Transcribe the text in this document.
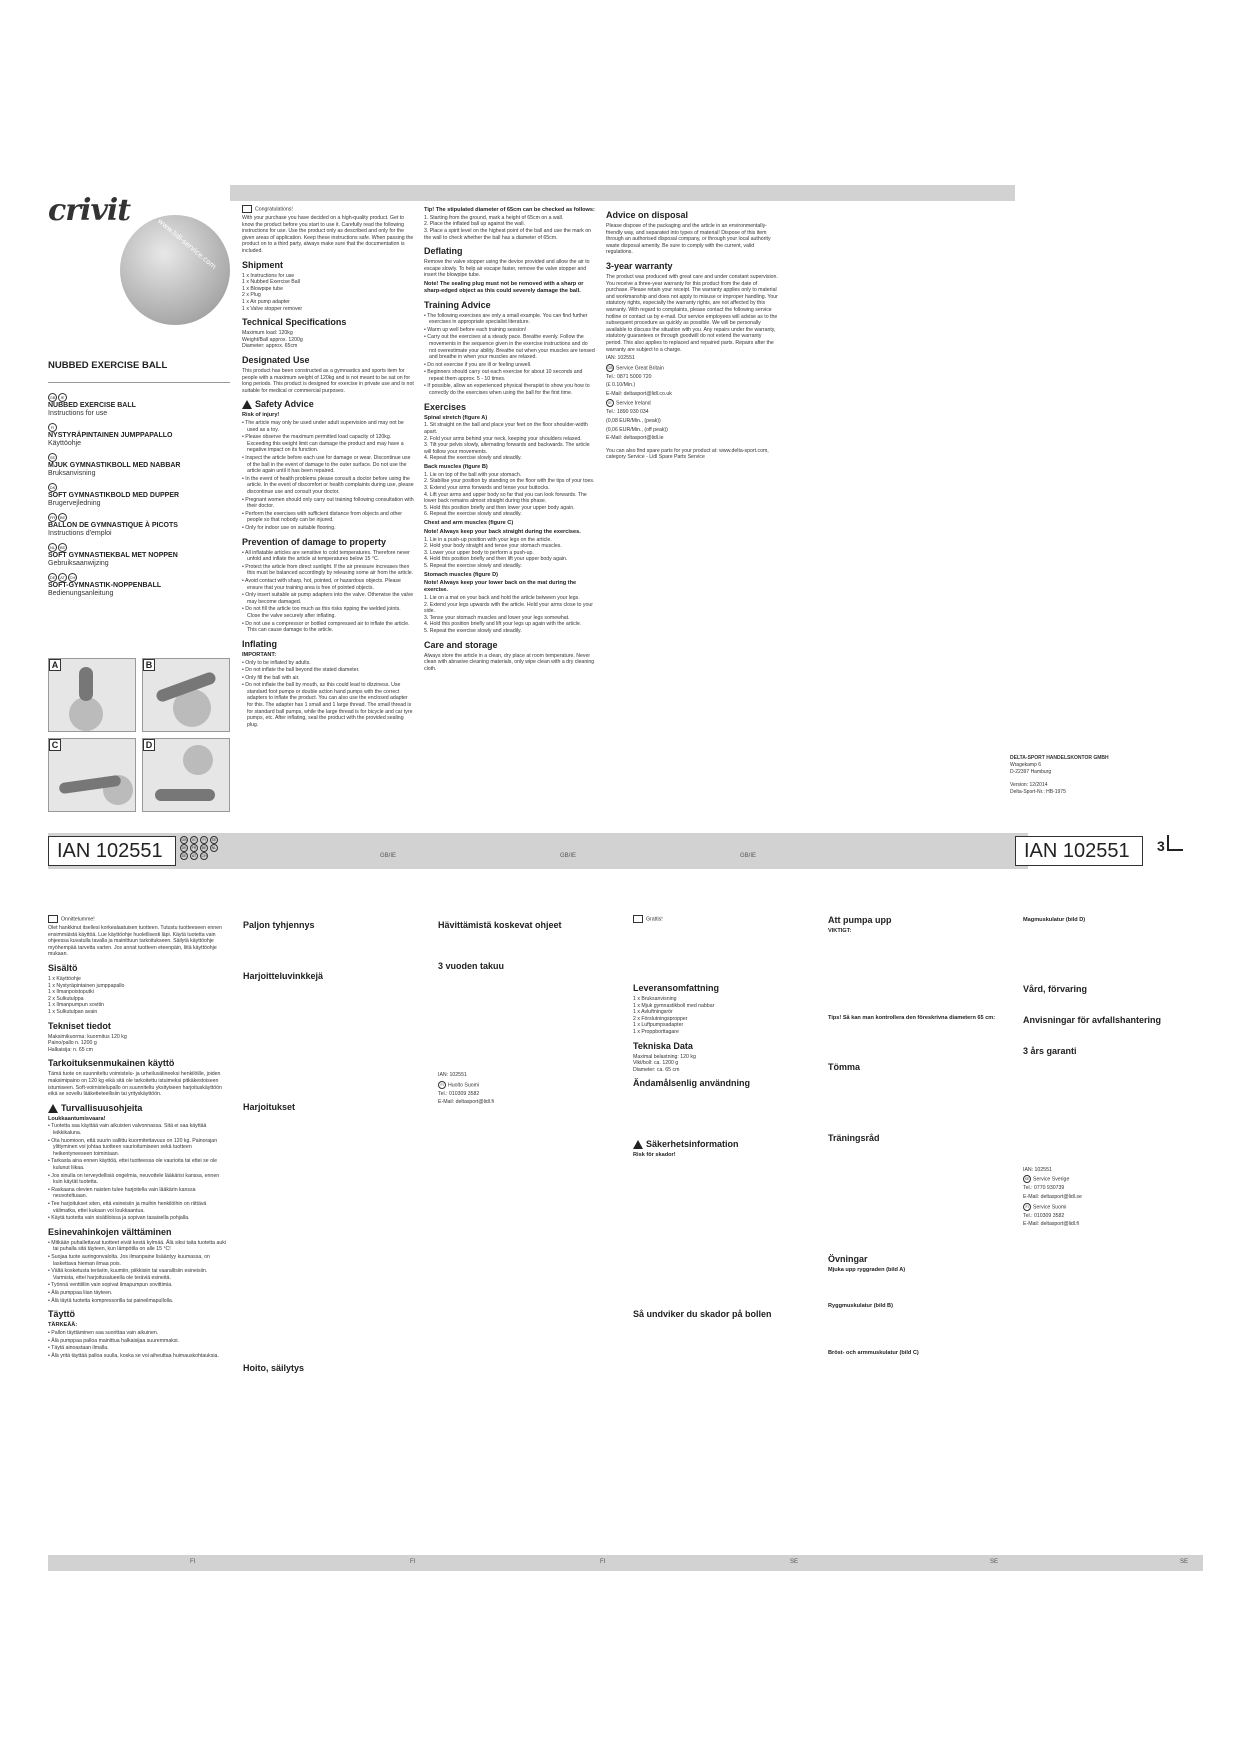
crivit
www.lidl-service.com
NUBBED EXERCISE BALL
GB IE
NUBBED EXERCISE BALL
Instructions for use
FI
NYSTYRÄPINTAINEN JUMPPAPALLO
Käyttöohje
SE
MJUK GYMNASTIKBOLL MED NABBAR
Bruksanvisning
DK
SOFT GYMNASTIKBOLD MED DUPPER
Brugervejledning
FR BE
BALLON DE GYMNASTIQUE À PICOTS
Instructions d'emploi
NL BE
SOFT GYMNASTIEKBAL MET NOPPEN
Gebruiksaanwijzing
DE AT CH
SOFT-GYMNASTIK-NOPPENBALL
Bedienungsanleitung
A	B
C	D
IAN 102551	GB IE FI SE
DK FR BE NL
DE AT CH	GB/IE	GB/IE	GB/IE	IAN 102551	3
DELTA-SPORT HANDELSKONTOR GMBH
Wragekamp 6
D-22397 Hamburg
Version: 12/2014
Delta-Sport-Nr.: HB-1975

Congratulations!

With your purchase you have decided on a high-quality product. Get to know the product before you start to use it. Carefully read the following instructions for use. Use the product only as described and only for the given areas of application. Keep these instructions safe. When passing the product on to a third party, always make sure that the documentation is included.

Shipment
1 x Instructions for use
1 x Nubbed Exercise Ball
1 x Blowpipe tube
2 x Plug
1 x Air pump adapter
1 x Valve stopper remover
Technical Specifications
Maximum load: 120kg
Weight/Ball approx. 1200g
Diameter: approx. 65cm
Designated Use

This product has been constructed as a gymnastics and sports item for people with a maximum weight of 120kg and is not meant to be sat on for long periods. This product is designed for exercise in private use and is not suitable for medical or commercial purposes.

Safety Advice
Risk of injury!
• The article may only be used under adult supervision and may not be used as a toy.
• Please observe the maximum permitted load capacity of 120kg. Exceeding this weight limit can damage the product and may have a negative impact on its function.
• Inspect the article before each use for damage or wear. Discontinue use of the ball in the event of damage to the outer surface. Do not use the article again until it has been repaired.
• In the event of health problems please consult a doctor before using the article. In the event of discomfort or health complaints during use, please discontinue use and consult your doctor.
• Pregnant women should only carry out training following consultation with their doctor.
• Perform the exercises with sufficient distance from objects and other people so that nobody can be injured.
• Only for indoor use on suitable flooring.
Prevention of damage to property
• All inflatable articles are sensitive to cold temperatures. Therefore never unfold and inflate the article at temperatures below 15 °C.
• Protect the article from direct sunlight. If the air pressure increases then this must be balanced accordingly by releasing some air from the article.
• Avoid contact with sharp, hot, pointed, or hazardous objects. Please ensure that your training area is free of pointed objects.
• Only insert suitable air pump adapters into the valve. Otherwise the valve may become damaged.
• Do not fill the article too much as this risks ripping the welded joints. Close the valve securely after inflating.
• Do not use a compressor or bottled compressed air to inflate the article. This can cause damage to the article.
Inflating
IMPORTANT:
• Only to be inflated by adults.
• Do not inflate the ball beyond the stated diameter.
• Only fill the ball with air.
• Do not inflate the ball by mouth, as this could lead to dizziness. Use standard foot pumps or double action hand pumps with the correct adapters to inflate the product. You can also use the enclosed adapter for this. The adapter has 1 small and 1 large thread. The small thread is for standard ball pumps, while the large thread is for bicycle and car tyre pumps, etc. After inflating, seal the product with the provided sealing plug.
Tip! The stipulated diameter of 65cm can be checked as follows:
1. Starting from the ground, mark a height of 65cm on a wall.
2. Place the inflated ball up against the wall.
3. Place a spirit level on the highest point of the ball and use the mark on the wall to check whether the ball has a diameter of 65cm.
Deflating

Remove the valve stopper using the device provided and allow the air to escape slowly. To help air escape faster, remove the valve stopper and insert the blowpipe tube.

Note! The sealing plug must not be removed with a sharp or sharp-edged object as this could severely damage the ball.
Training Advice
• The following exercises are only a small example. You can find further exercises in appropriate specialist literature.
• Warm up well before each training session!
• Carry out the exercises at a steady pace. Breathe evenly. Follow the movements in the sequence given in the exercise instructions and do not overestimate your ability. Breathe out when your muscles are tensed and breathe in when your muscles are relaxed.
• Do not exercise if you are ill or feeling unwell.
• Beginners should carry out each exercise for about 10 seconds and repeat them approx. 5 - 10 times.
• If possible, allow an experienced physical therapist to show you how to correctly do the exercises when using the ball for the first time.
Exercises
Spinal stretch (figure A)
1. Sit straight on the ball and place your feet on the floor shoulder-width apart.
2. Fold your arms behind your neck, keeping your shoulders relaxed.
3. Tilt your pelvis slowly, alternating forwards and backwards. The article will follow your movements.
4. Repeat the exercise slowly and steadily.
Back muscles (figure B)
1. Lie on top of the ball with your stomach.
2. Stabilise your position by standing on the floor with the tips of your toes.
3. Extend your arms forwards and tense your buttocks.
4. Lift your arms and upper body so far that you can look forwards. The lower back remains almost straight during this phase.
5. Hold this position briefly and then lower your upper body again.
6. Repeat the exercise slowly and steadily.
Chest and arm muscles (figure C)
Note! Always keep your back straight during the exercises.
1. Lie in a push-up position with your legs on the article.
2. Hold your body straight and tense your stomach muscles.
3. Lower your upper body to perform a push-up.
4. Hold this position briefly and then lift your upper body again.
5. Repeat the exercise slowly and steadily.
Stomach muscles (figure D)
Note! Always keep your lower back on the mat during the exercise.
1. Lie on a mat on your back and hold the article between your legs.
2. Extend your legs upwards with the article. Hold your arms close to your side.
3. Tense your stomach muscles and lower your legs somewhat.
4. Hold this position briefly and lift your legs up again with the article.
5. Repeat the exercise slowly and steadily.
Care and storage

Always store the article in a clean, dry place at room temperature. Never clean with abrasive cleaning materials, only wipe clean with a dry cleaning cloth.

Advice on disposal

Please dispose of the packaging and the article in an environmentally-friendly way, and separated into types of material! Dispose of this item through an authorised disposal company, or through your local authority waste disposal amenity. Be sure to comply with the current, valid regulations.

3-year warranty

The product was produced with great care and under constant supervision. You receive a three-year warranty for this product from the date of purchase. Please retain your receipt. The warranty applies only to material and workmanship and does not apply to misuse or improper handling. Your statutory rights, especially the warranty rights, are not affected by this warranty. With regard to complaints, please contact the following service hotline or contact us by e-mail. Our service employees will advise as to the subsequent procedure as quickly as possible. We will be personally available to discuss the situation with you. Any repairs under the warranty, statutory guarantees or through goodwill do not extend the warranty period. This also applies to replaced and repaired parts. Repairs after the warranty are subject to a charge.

IAN: 102551

GB Service Great Britain

Tel.: 0871 5000 720

(£ 0.10/Min.)

E-Mail: deltasport@lidl.co.uk

IE Service Ireland

Tel.: 1890 930 034

(0,08 EUR/Min., (peak))

(0,06 EUR/Min., (off peak))

E-Mail: deltasport@lidl.ie

You can also find spare parts for your product at: www.delta-sport.com, category Service - Lidl Spare Parts Service

Onnittelumme!

Olet hankkinut itsellesi korkealaatuisen tuotteen. Tutustu tuotteeseen ennen ensimmäistä käyttöä. Lue käyttöohje huolellisesti läpi. Käytä tuotetta vain ohjeessa kuvatulla tavalla ja mainittuun tarkoitukseen. Säilytä käyttöohje myöhempää tarvetta varten. Jos annat tuotteen eteenpäin, liitä käyttöohje mukaan.

Sisältö
1 x Käyttöohje
1 x Nystyräpintainen jumppapallo
1 x Ilmanpoistoputki
2 x Sulkutulppa
1 x Ilmanpumpun sovitin
1 x Sulkutulpan avain
Tekniset tiedot
Maksimikuorma: kuormitus 120 kg
Paino/pallo n. 1200 g
Halkaisija: n. 65 cm
Tarkoituksenmukainen käyttö

Tämä tuote on suunniteltu voimistelu- ja urheiluvälineeksi henkilöille, joiden maksimipaino on 120 kg eikä sitä ole tarkoitettu istuimeksi pitkäkestoiseen istumiseen. Soft-voimistelupallo on suunniteltu yksityiseen harjoituskäyttöön eikä se sovellu lääketieteellisiin tai yrityskäyttöön.

Turvallisuusohjeita
Loukkaantumisvaara!
• Tuotetta saa käyttää vain aikuisten valvonnassa. Sitä ei saa käyttää leikkikaluna.
• Ota huomioon, että suurin sallittu kuormitettavuus on 120 kg. Painorajan ylittyminen voi johtaa tuotteen vaurioitumiseen sekä tuotteen heikentyneeseen toimintaan.
• Tarkasta aina ennen käyttöä, ettei tuotteessa ole vaurioita tai ettei se ole kulunut liikaa.
• Jos sinulla on terveydellisiä ongelmia, neuvottele lääkärisi kanssa, ennen kuin käytät tuotetta.
• Raskaana olevien naisten tulee harjoitella vain lääkärin kanssa neuvoteltuaan.
• Tee harjoitukset siten, että esineisiin ja muihin henkilöihin on riittävä välimatka, ettei kukaan voi loukkaantua.
• Käytä tuotetta vain sisätiloissa ja sopivan tasaisella pohjalla.
Esinevahinkojen välttäminen
• Mitkään puhallettavat tuotteet eivät kestä kylmää. Älä siksi taita tuotetta auki tai puhalla sitä täyteen, kun lämpötila on alle 15 °C!
• Suojaa tuote auringonvalolta. Jos ilmanpaine lisääntyy kuumassa, on laskettava hieman ilmaa pois.
• Vältä kosketusta teräviin, kuumiin, piikkisiin tai vaarallisiin esineisiin. Varmista, ettei harjoitusalueella ole teräviä esineitä.
• Työnnä venttiiliin vain sopivat ilmapumpun sovittimia.
• Älä pumppaa liian täyteen.
• Älä täytä tuotetta kompressorilla tai paineilmapullolla.
Täyttö
TÄRKEÄÄ:
• Pallon täyttäminen saa suorittaa vain aikuinen.
• Älä pumppaa palloa mainittua halkaisijaa suuremmaksi.
• Täytä ainoastaan ilmalla.
• Älä yritä täyttää palloa suulla, koska se voi aiheuttaa huimauskohtauksia.
Paljon tyhjennys
Harjoitteluvinkkejä
Harjoitukset
Hoito, säilytys
Hävittämistä koskevat ohjeet
3 vuoden takuu

IAN: 102551

FI Huolto Suomi

Tel.: 010309 3582

E-Mail: deltasport@lidl.fi

Grattis!

Leveransomfattning
1 x Bruksanvisning
1 x Mjuk gymnastikboll med nabbar
1 x Avluftningsrör
2 x Förslutningspropper
1 x Luftpumpsadapter
1 x Proppborttagare
Tekniska Data
Maximal belastning: 120 kg
Vikt/boll: ca. 1200 g
Diameter: ca. 65 cm
Ändamålsenlig användning
Säkerhetsinformation
Risk för skador!
Så undviker du skador på bollen
Att pumpa upp
VIKTIGT:
Tips! Så kan man kontrollera den föreskrivna diametern 65 cm:
Tömma
Träningsråd
Övningar
Mjuka upp ryggraden (bild A)
Ryggmuskulatur (bild B)
Bröst- och armmuskulatur (bild C)
Magmuskulatur (bild D)
Vård, förvaring
Anvisningar för avfallshantering
3 års garanti

IAN: 102551

SE Service Sverige

Tel.: 0770 930739

E-Mail: deltasport@lidl.se

FI Service Suomi

Tel.: 010309 3582

E-Mail: deltasport@lidl.fi

FI	FI	FI	SE	SE	SE
